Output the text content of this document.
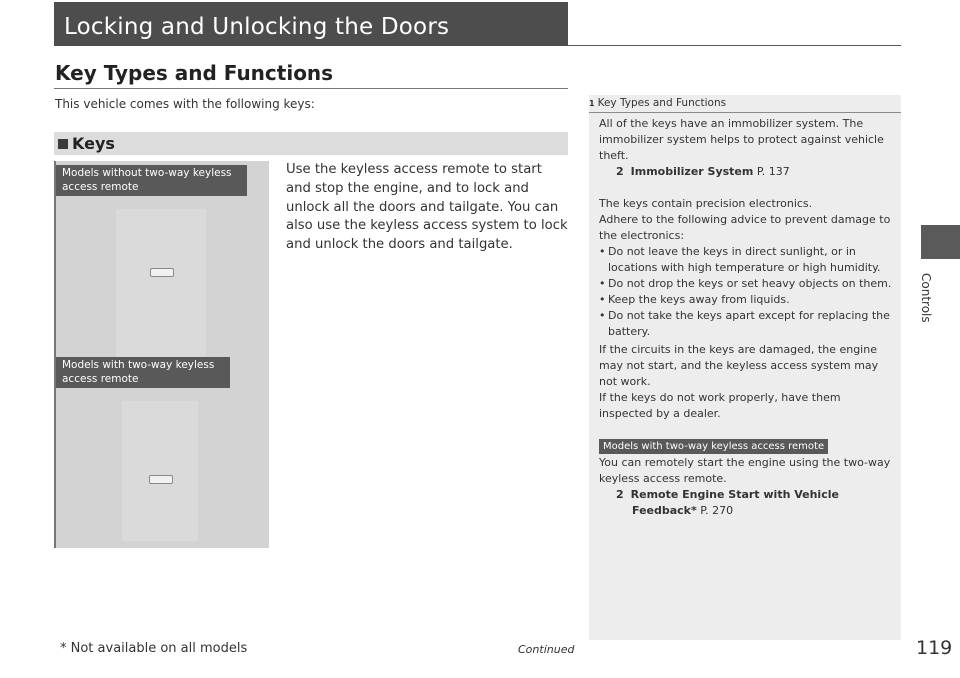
Locking and Unlocking the Doors
Key Types and Functions
This vehicle comes with the following keys:
Keys
Models without two-way keyless access remote
Models with two-way keyless access remote
Use the keyless access remote to start and stop the engine, and to lock and unlock all the doors and tailgate. You can also use the keyless access system to lock and unlock the doors and tailgate.
1 Key Types and Functions
All of the keys have an immobilizer system. The immobilizer system helps to protect against vehicle theft.
2 Immobilizer System P. 137
The keys contain precision electronics.
Adhere to the following advice to prevent damage to the electronics:
• Do not leave the keys in direct sunlight, or in locations with high temperature or high humidity.
• Do not drop the keys or set heavy objects on them.
• Keep the keys away from liquids.
• Do not take the keys apart except for replacing the battery.
If the circuits in the keys are damaged, the engine may not start, and the keyless access system may not work.
If the keys do not work properly, have them inspected by a dealer.
Models with two-way keyless access remote
You can remotely start the engine using the two-way keyless access remote.
2 Remote Engine Start with Vehicle
Feedback* P. 270
Controls
* Not available on all models	Continued	119
